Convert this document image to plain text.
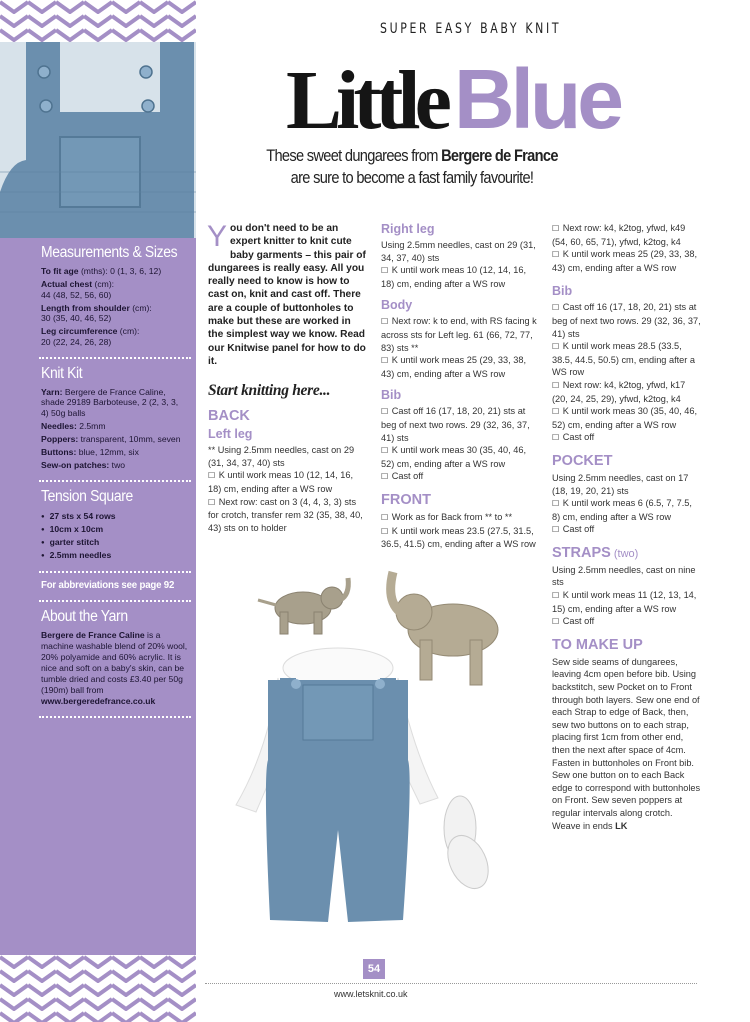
Measurements & Sizes

To fit age (mths): 0 (1, 3, 6, 12)

Actual chest (cm):
44 (48, 52, 56, 60)

Length from shoulder (cm):
30 (35, 40, 46, 52)

Leg circumference (cm):
20 (22, 24, 26, 28)

Knit Kit

Yarn: Bergere de France Caline, shade 29189 Barboteuse, 2 (2, 3, 3, 4) 50g balls

Needles: 2.5mm

Poppers: transparent, 10mm, seven

Buttons: blue, 12mm, six

Sew-on patches: two

Tension Square
● 27 sts x 54 rows
● 10cm x 10cm
● garter stitch
● 2.5mm needles
For abbreviations see page 92
About the Yarn

Bergere de France Caline is a machine washable blend of 20% wool, 20% polyamide and 60% acrylic. It is nice and soft on a baby's skin, can be tumble dried and costs £3.40 per 50g (190m) ball from www.bergeredefrance.co.uk

SUPER EASY BABY KNIT
LittleBlue

These sweet dungarees from Bergere de France are sure to become a fast family favourite!

You don't need to be an expert knitter to knit cute baby garments – this pair of dungarees is really easy. All you really need to know is how to cast on, knit and cast off. There are a couple of buttonholes to make but these are worked in the simplest way we know. Read our Knitwise panel for how to do it.

Start knitting here...
BACK
Left leg

** Using 2.5mm needles, cast on 29 (31, 34, 37, 40) sts

☐ K until work meas 10 (12, 14, 16, 18) cm, ending after a WS row

☐ Next row: cast on 3 (4, 4, 3, 3) sts for crotch, transfer rem 32 (35, 38, 40, 43) sts on to holder

Right leg

Using 2.5mm needles, cast on 29 (31, 34, 37, 40) sts

☐ K until work meas 10 (12, 14, 16, 18) cm, ending after a WS row

Body

☐ Next row: k to end, with RS facing k across sts for Left leg. 61 (66, 72, 77, 83) sts **

☐ K until work meas 25 (29, 33, 38, 43) cm, ending after a WS row

Bib

☐ Cast off 16 (17, 18, 20, 21) sts at beg of next two rows. 29 (32, 36, 37, 41) sts

☐ K until work meas 30 (35, 40, 46, 52) cm, ending after a WS row

☐ Cast off

FRONT

☐ Work as for Back from ** to **

☐ K until work meas 23.5 (27.5, 31.5, 36.5, 41.5) cm, ending after a WS row

☐ Next row: k4, k2tog, yfwd, k49 (54, 60, 65, 71), yfwd, k2tog, k4

☐ K until work meas 25 (29, 33, 38, 43) cm, ending after a WS row

Bib

☐ Cast off 16 (17, 18, 20, 21) sts at beg of next two rows. 29 (32, 36, 37, 41) sts

☐ K until work meas 28.5 (33.5, 38.5, 44.5, 50.5) cm, ending after a WS row

☐ Next row: k4, k2tog, yfwd, k17 (20, 24, 25, 29), yfwd, k2tog, k4

☐ K until work meas 30 (35, 40, 46, 52) cm, ending after a WS row

☐ Cast off

POCKET

Using 2.5mm needles, cast on 17 (18, 19, 20, 21) sts

☐ K until work meas 6 (6.5, 7, 7.5, 8) cm, ending after a WS row

☐ Cast off

STRAPS (two)

Using 2.5mm needles, cast on nine sts

☐ K until work meas 11 (12, 13, 14, 15) cm, ending after a WS row

☐ Cast off

TO MAKE UP

Sew side seams of dungarees, leaving 4cm open before bib. Using backstitch, sew Pocket on to Front through both layers. Sew one end of each Strap to edge of Back, then, sew two buttons on to each strap, placing first 1cm from other end, then the next after space of 4cm. Fasten in buttonholes on Front bib. Sew one button on to each Back edge to correspond with buttonholes on Front. Sew seven poppers at regular intervals along crotch. Weave in ends LK

54
www.letsknit.co.uk
